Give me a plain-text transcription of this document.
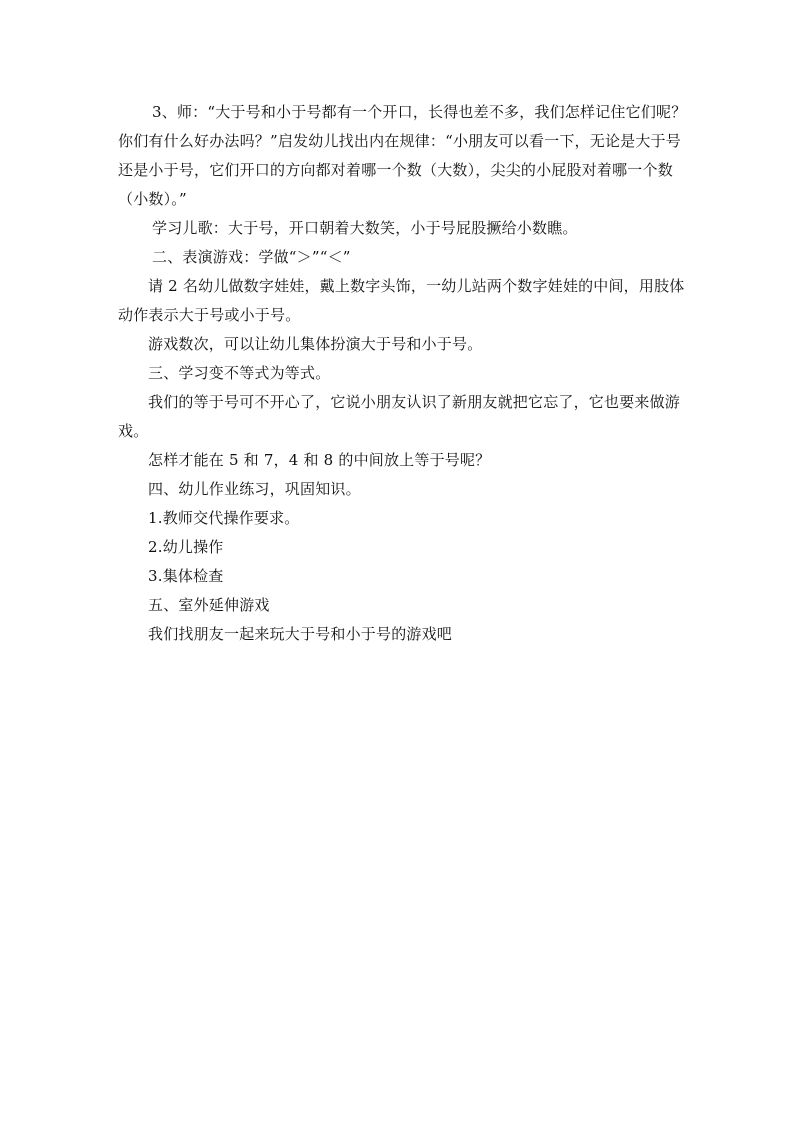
3、师：“大于号和小于号都有一个开口，长得也差不多，我们怎样记住它们呢？你们有什么好办法吗？”启发幼儿找出内在规律：“小朋友可以看一下，无论是大于号还是小于号，它们开口的方向都对着哪一个数（大数），尖尖的小屁股对着哪一个数（小数）。”

学习儿歌：大于号，开口朝着大数笑，小于号屁股撅给小数瞧。

二、表演游戏：学做“＞”“＜”

请 2 名幼儿做数字娃娃，戴上数字头饰，一幼儿站两个数字娃娃的中间，用肢体动作表示大于号或小于号。

游戏数次，可以让幼儿集体扮演大于号和小于号。

三、学习变不等式为等式。

我们的等于号可不开心了，它说小朋友认识了新朋友就把它忘了，它也要来做游戏。

怎样才能在 5 和 7，4 和 8 的中间放上等于号呢？

四、幼儿作业练习，巩固知识。

1.教师交代操作要求。

2.幼儿操作

3.集体检查

五、室外延伸游戏

我们找朋友一起来玩大于号和小于号的游戏吧
